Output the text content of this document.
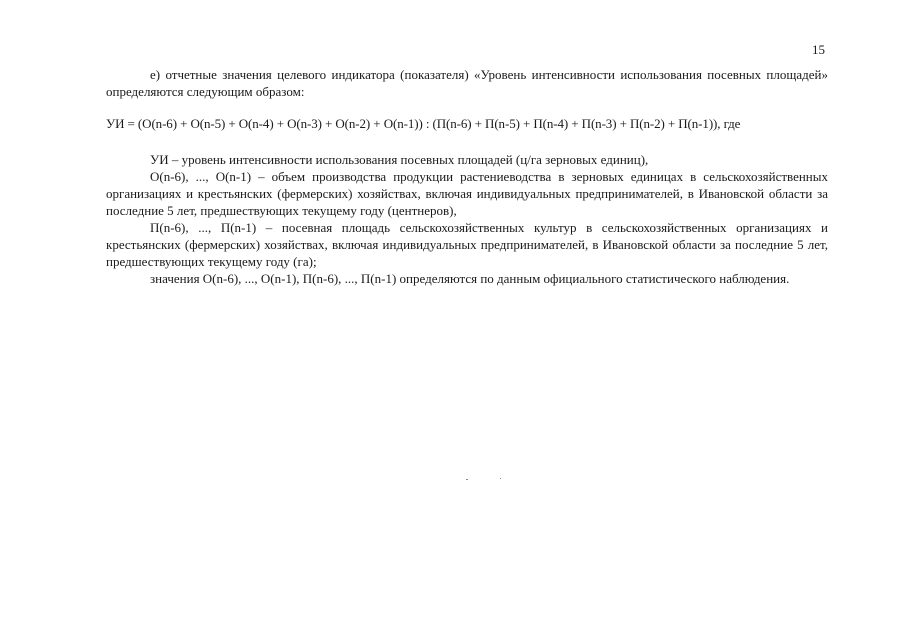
15

е) отчетные значения целевого индикатора (показателя) «Уровень интенсивности использования посевных площадей» определяются следующим образом:

УИ = (О(n-6) + О(n-5) + О(n-4) + О(n-3) + О(n-2) + О(n-1)) : (П(n-6) + П(n-5) + П(n-4) + П(n-3) + П(n-2) + П(n-1)), где

УИ – уровень интенсивности использования посевных площадей (ц/га зерновых единиц),

О(n-6), ..., О(n-1) – объем производства продукции растениеводства в зерновых единицах в сельскохозяйственных организациях и крестьянских (фермерских) хозяйствах, включая индивидуальных предпринимателей, в Ивановской области за последние 5 лет, предшествующих текущему году (центнеров),

П(n-6), ..., П(n-1) – посевная площадь сельскохозяйственных культур в сельскохозяйственных организациях и крестьянских (фермерских) хозяйствах, включая индивидуальных предпринимателей, в Ивановской области за последние 5 лет, предшествующих текущему году (га);

значения О(n-6), ..., О(n-1), П(n-6), ..., П(n-1) определяются по данным официального статистического наблюдения.
